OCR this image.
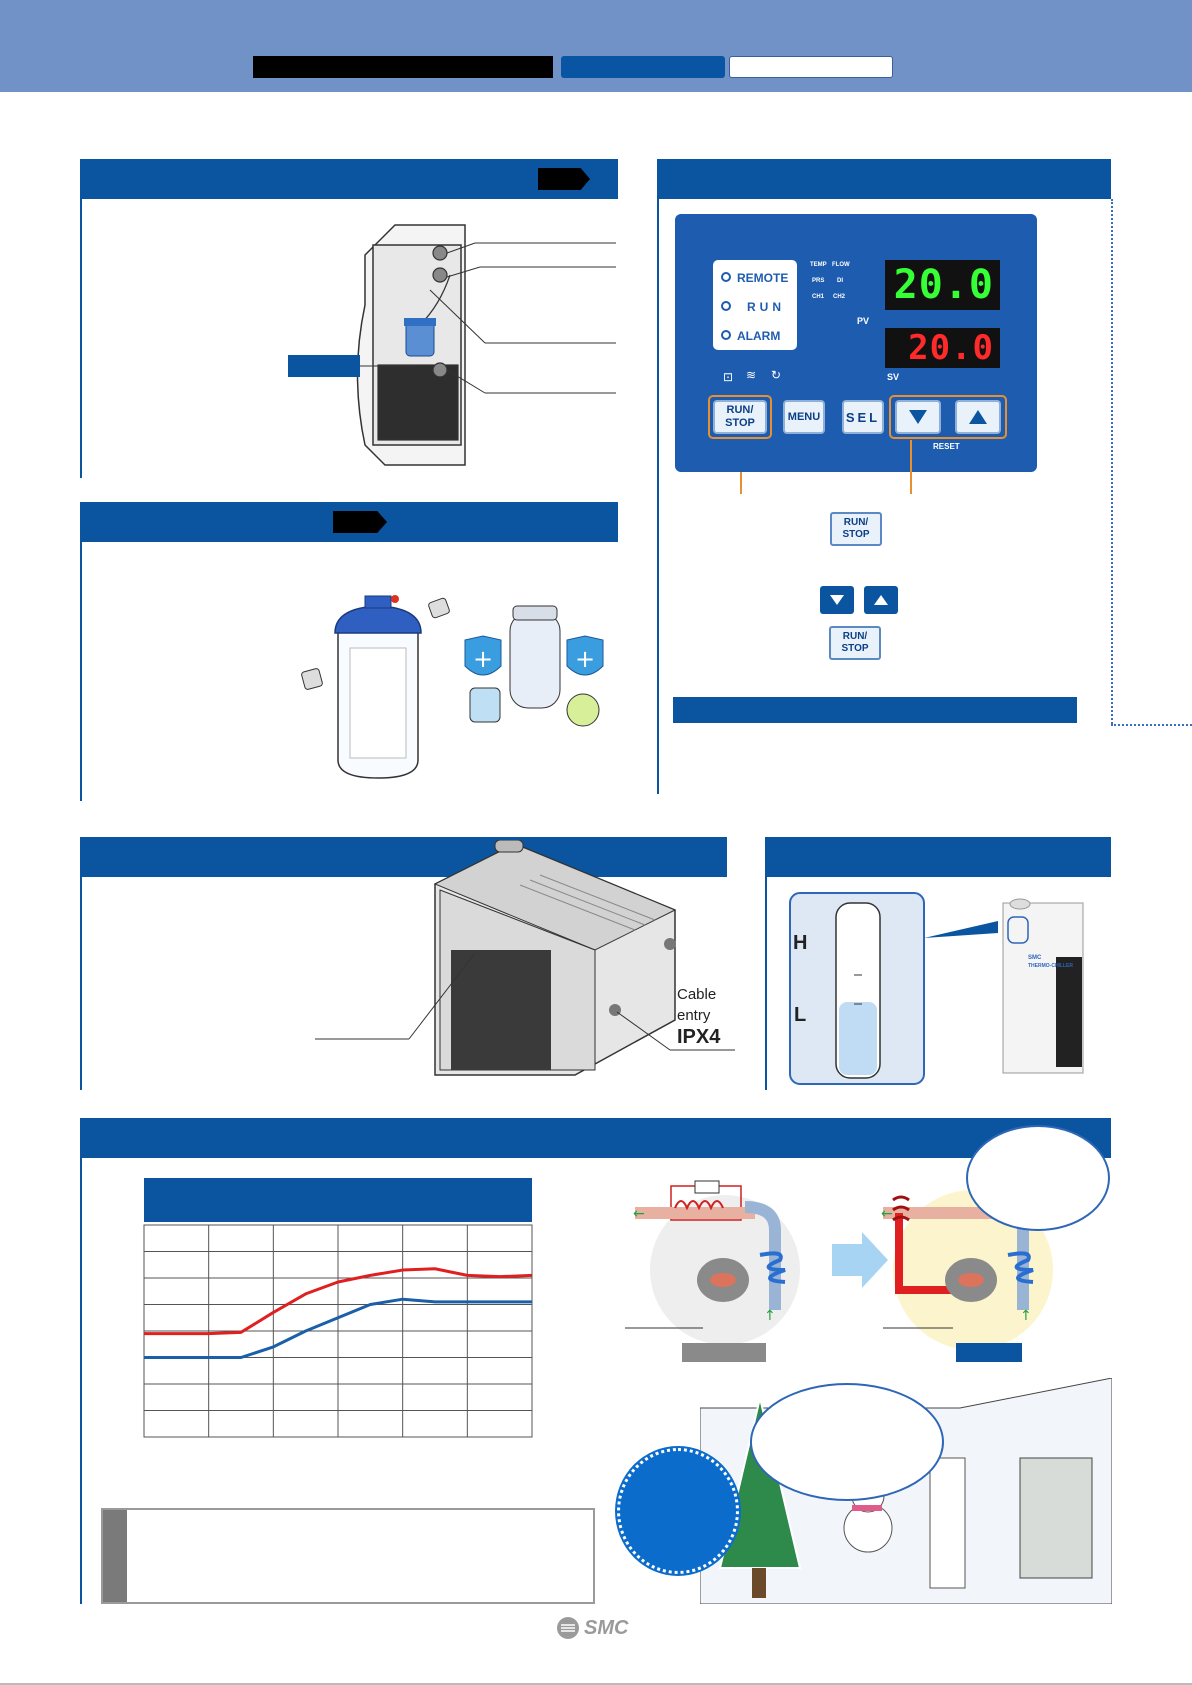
+	+
REMOTE
RUN
ALARM
TEMP FLOW
PRS DI
CH1 CH2 20.0
PV
20.0
SV
⊡ ≋ ↻
RUN/
STOP
MENU	SEL
RESET
RUN/
STOP
RUN/
STOP
Cable
entry
IPX4
SMC
THERMO-CHILLER
H
L
←
↑
←
↑
SMC
